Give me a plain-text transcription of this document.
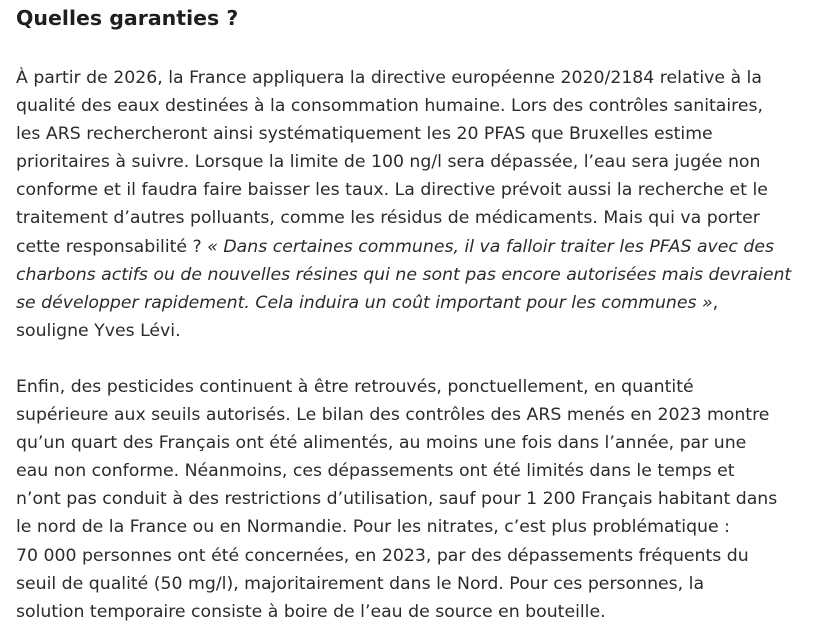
Quelles garanties ?
À partir de 2026, la France appliquera la directive européenne 2020/2184 relative à la
qualité des eaux destinées à la consommation humaine. Lors des contrôles sanitaires,
les ARS rechercheront ainsi systématiquement les 20 PFAS que Bruxelles estime
prioritaires à suivre. Lorsque la limite de 100 ng/l sera dépassée, l’eau sera jugée non
conforme et il faudra faire baisser les taux. La directive prévoit aussi la recherche et le
traitement d’autres polluants, comme les résidus de médicaments. Mais qui va porter
cette responsabilité ? « Dans certaines communes, il va falloir traiter les PFAS avec des
charbons actifs ou de nouvelles résines qui ne sont pas encore autorisées mais devraient
se développer rapidement. Cela induira un coût important pour les communes »,
souligne Yves Lévi.
Enfin, des pesticides continuent à être retrouvés, ponctuellement, en quantité
supérieure aux seuils autorisés. Le bilan des contrôles des ARS menés en 2023 montre
qu’un quart des Français ont été alimentés, au moins une fois dans l’année, par une
eau non conforme. Néanmoins, ces dépassements ont été limités dans le temps et
n’ont pas conduit à des restrictions d’utilisation, sauf pour 1 200 Français habitant dans
le nord de la France ou en Normandie. Pour les nitrates, c’est plus problématique :
70 000 personnes ont été concernées, en 2023, par des dépassements fréquents du
seuil de qualité (50 mg/l), majoritairement dans le Nord. Pour ces personnes, la
solution temporaire consiste à boire de l’eau de source en bouteille.
